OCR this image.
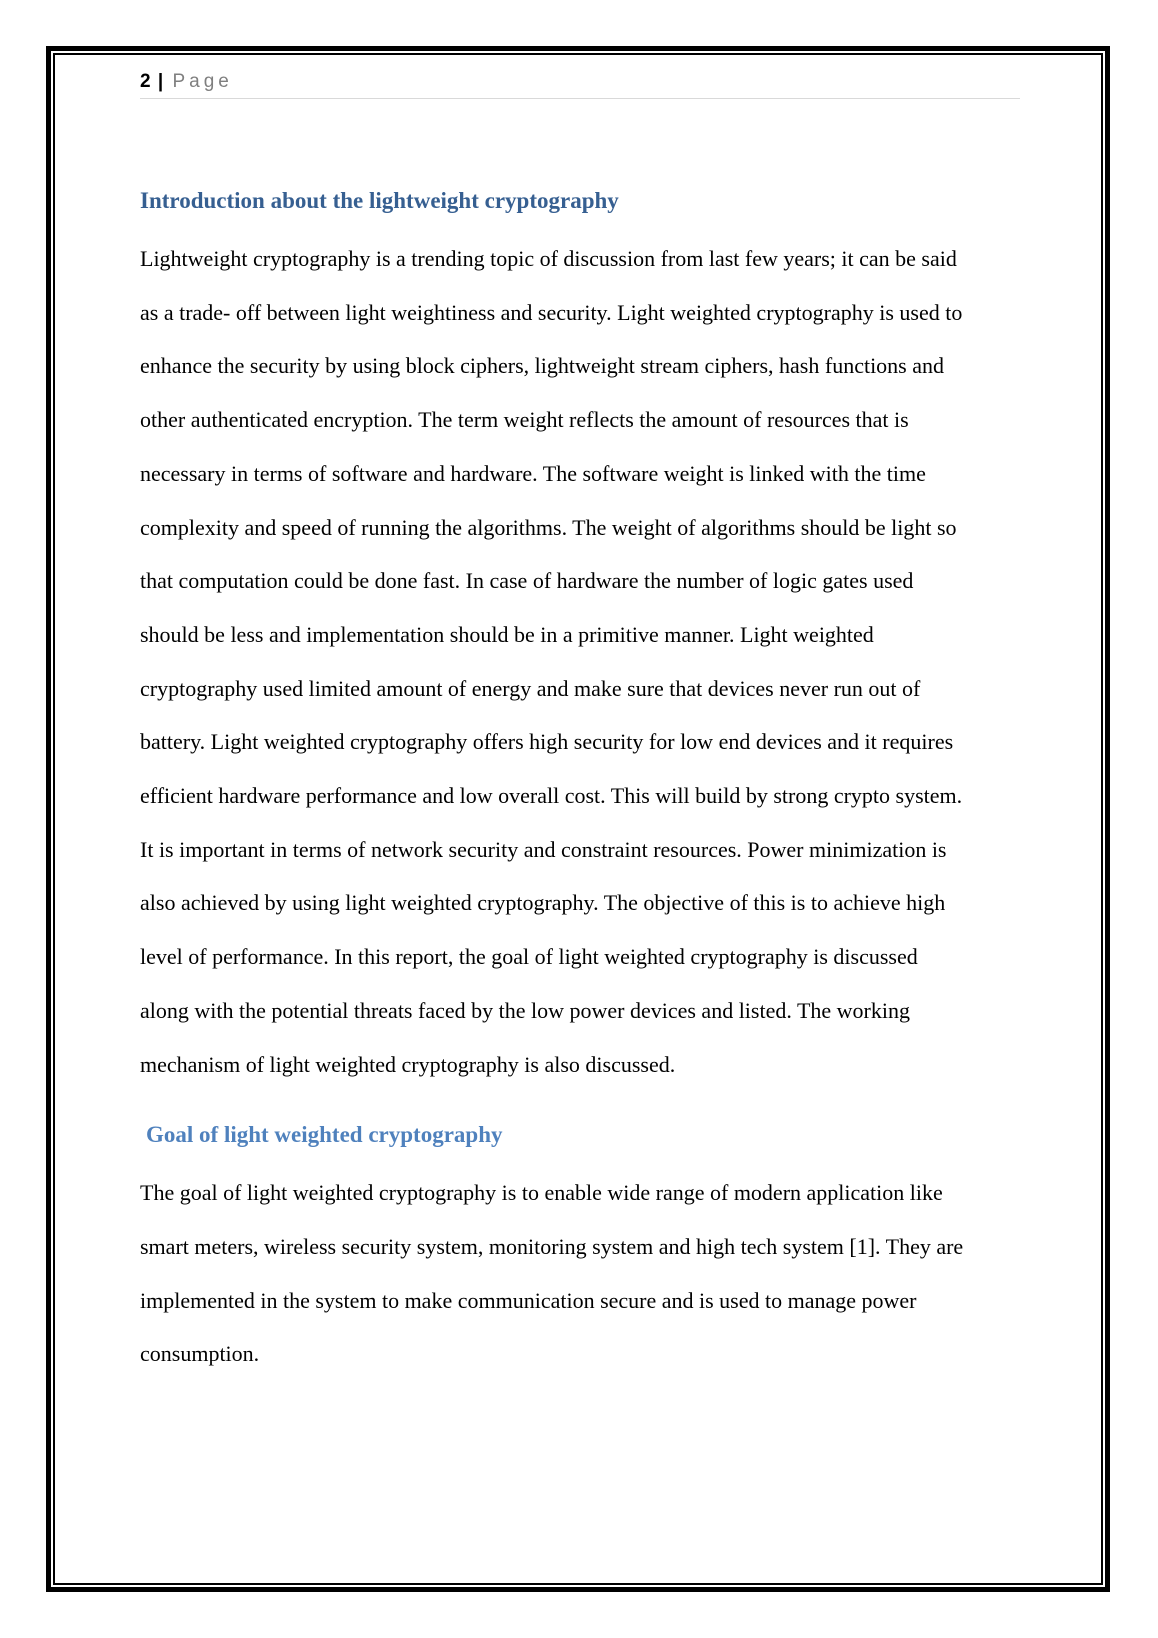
2 | Page
Introduction about the lightweight cryptography

Lightweight cryptography is a trending topic of discussion from last few years; it can be said
as a trade- off between light weightiness and security. Light weighted cryptography is used to
enhance the security by using block ciphers, lightweight stream ciphers, hash functions and
other authenticated encryption. The term weight reflects the amount of resources that is
necessary in terms of software and hardware. The software weight is linked with the time
complexity and speed of running the algorithms. The weight of algorithms should be light so
that computation could be done fast. In case of hardware the number of logic gates used
should be less and implementation should be in a primitive manner. Light weighted
cryptography used limited amount of energy and make sure that devices never run out of
battery. Light weighted cryptography offers high security for low end devices and it requires
efficient hardware performance and low overall cost. This will build by strong crypto system.
It is important in terms of network security and constraint resources. Power minimization is
also achieved by using light weighted cryptography. The objective of this is to achieve high
level of performance. In this report, the goal of light weighted cryptography is discussed
along with the potential threats faced by the low power devices and listed. The working
mechanism of light weighted cryptography is also discussed.

Goal of light weighted cryptography

The goal of light weighted cryptography is to enable wide range of modern application like
smart meters, wireless security system, monitoring system and high tech system [1]. They are
implemented in the system to make communication secure and is used to manage power
consumption.
